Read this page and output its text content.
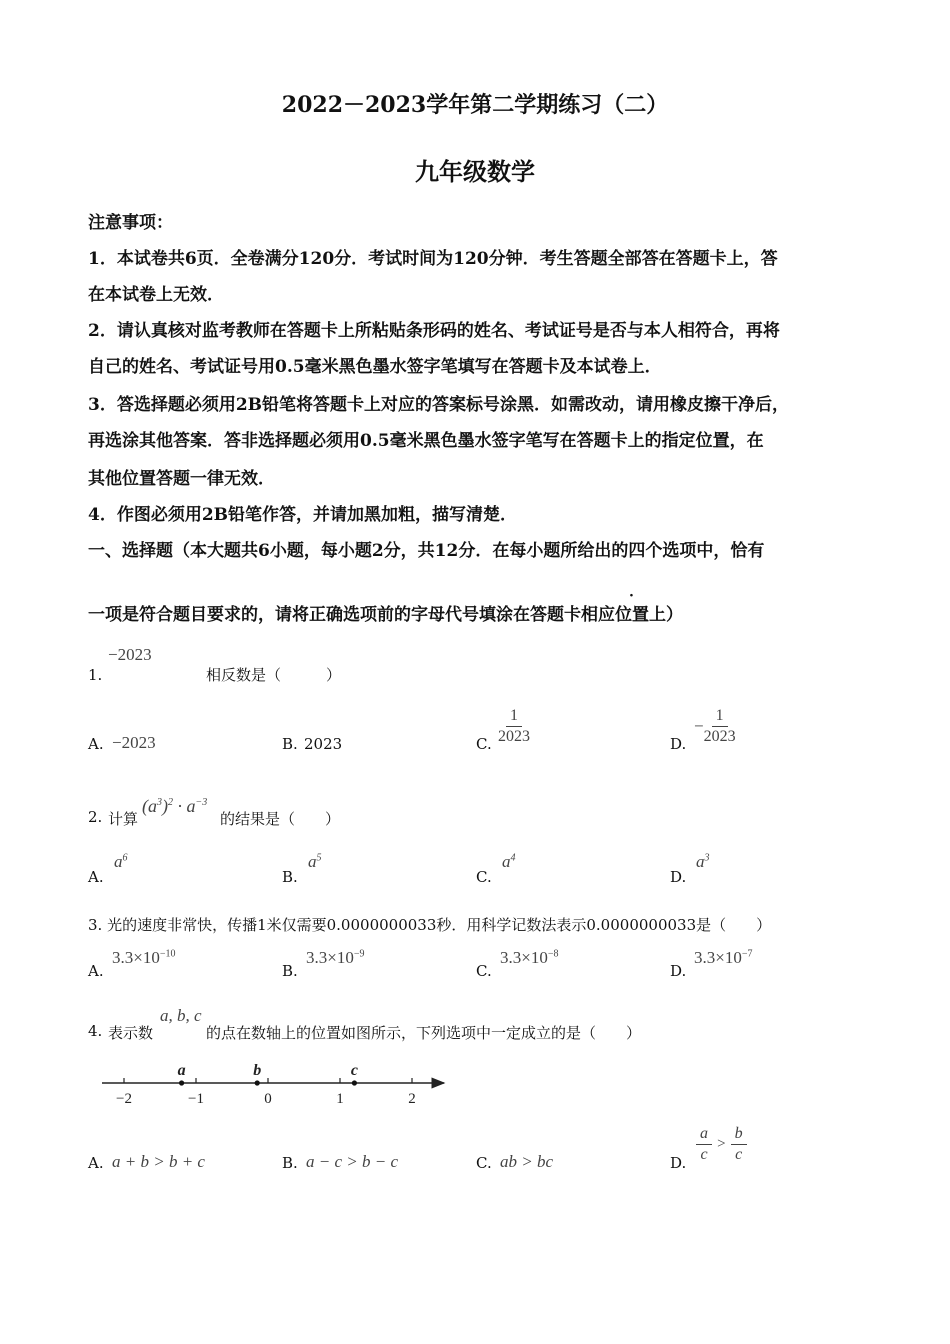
2022－2023学年第二学期练习（二）
九年级数学
注意事项：
1．本试卷共6页．全卷满分120分．考试时间为120分钟．考生答题全部答在答题卡上，答
在本试卷上无效．
2．请认真核对监考教师在答题卡上所粘贴条形码的姓名、考试证号是否与本人相符合，再将
自己的姓名、考试证号用0.5毫米黑色墨水签字笔填写在答题卡及本试卷上．
3．答选择题必须用2B铅笔将答题卡上对应的答案标号涂黑．如需改动，请用橡皮擦干净后，
再选涂其他答案．答非选择题必须用0.5毫米黑色墨水签字笔写在答题卡上的指定位置，在
其他位置答题一律无效．
4．作图必须用2B铅笔作答，并请加黑加粗，描写清楚．
一、选择题（本大题共6小题，每小题2分，共12分．在每小题所给出的四个选项中，恰有
一项是符合题目要求的，请将正确选项前的字母代号填涂在答题卡相应位置上）
·
1.
−2023
相反数是（　　　）
A. −2023	B. 2023	C. $\frac{1}{2023}$	D.
− $\frac{1}{2023}$
2. 计算
$(a^3)^2 \cdot a^{-3}$
的结果是（　　）
A.
$a^6$
B.
$a^5$
C.
$a^4$
D.
$a^3$
3. 光的速度非常快，传播1米仅需要0.0000000033秒．用科学记数法表示0.0000000033是（　　）
A.
$3.3\times 10^{-10}$
B.
$3.3\times 10^{-9}$
C.
$3.3\times 10^{-8}$
D.
$3.3\times 10^{-7}$
4. 表示数
a, b, c
的点在数轴上的位置如图所示，下列选项中一定成立的是（　　）
−2	−1	0	1	2
a	b	c
A. a + b > b + c	B. a − c > b − c	C. ab > bc	D. $\frac{a}{c} > \frac{b}{c}$
